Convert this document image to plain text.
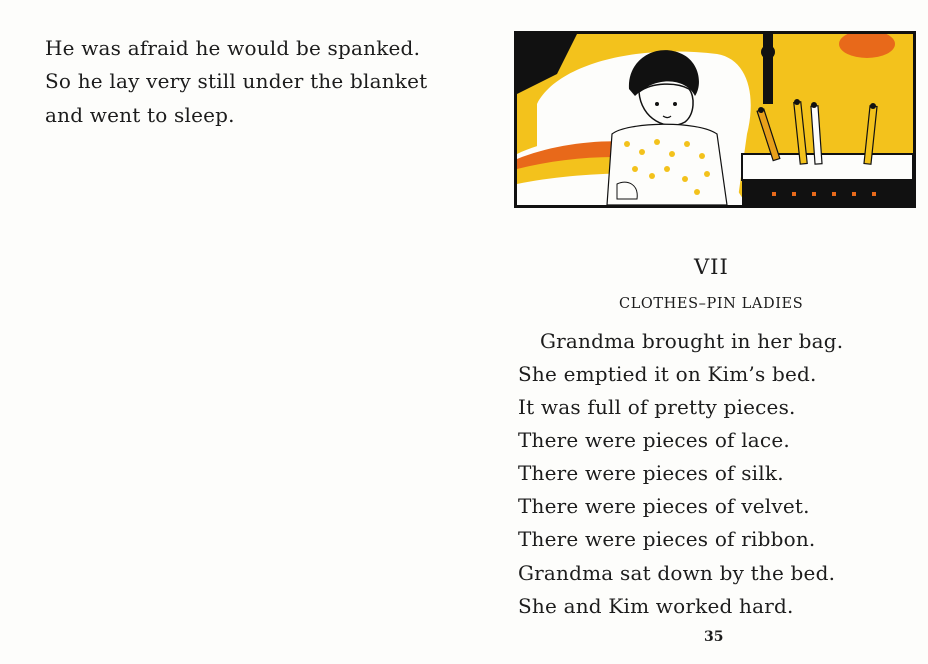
He was afraid he would be spanked.
So he lay very still under the blanket
and went to sleep.
VII
CLOTHES–PIN LADIES
Grandma brought in her bag.
She emptied it on Kim’s bed.
It was full of pretty pieces.
There were pieces of lace.
There were pieces of silk.
There were pieces of velvet.
There were pieces of ribbon.
Grandma sat down by the bed.
She and Kim worked hard.
35
